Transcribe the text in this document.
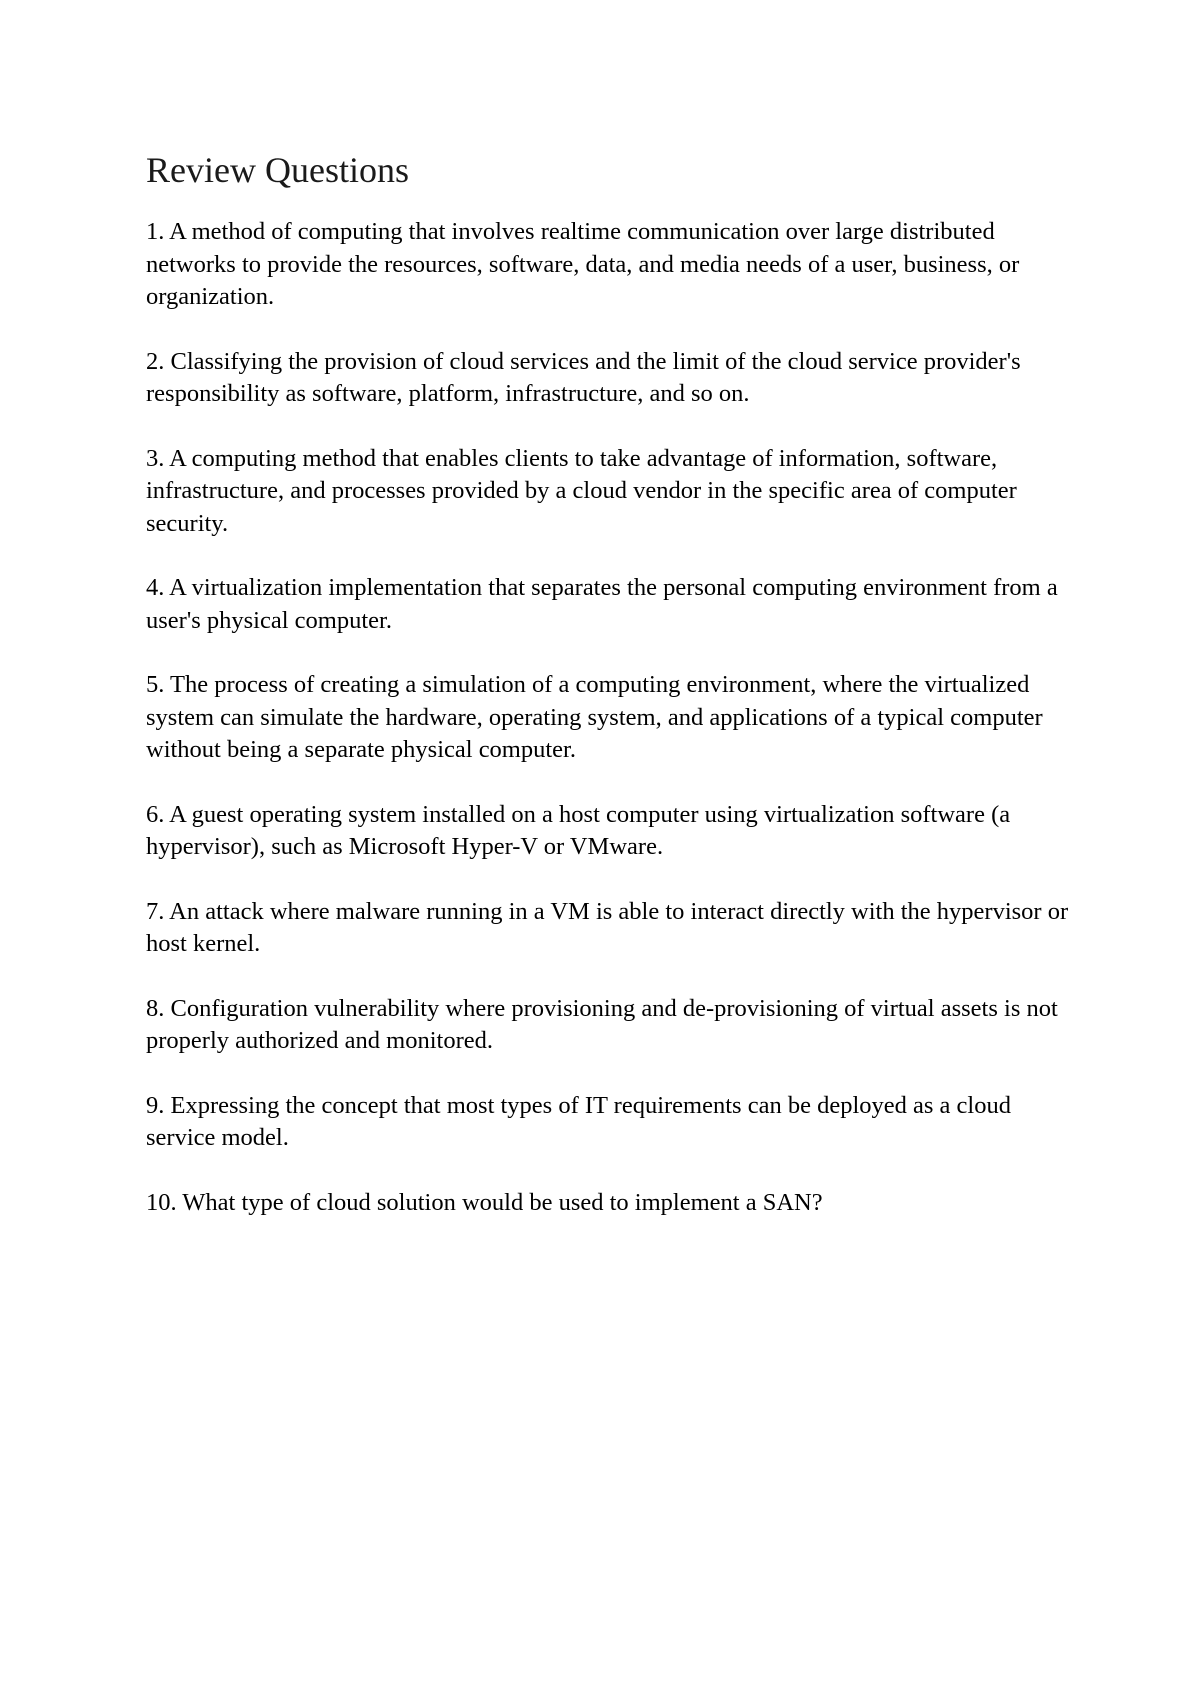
Review Questions

1. A method of computing that involves realtime communication over large distributed networks to provide the resources, software, data, and media needs of a user, business, or organization.

2. Classifying the provision of cloud services and the limit of the cloud service provider's responsibility as software, platform, infrastructure, and so on.

3. A computing method that enables clients to take advantage of information, software, infrastructure, and processes provided by a cloud vendor in the specific area of computer security.

4. A virtualization implementation that separates the personal computing environment from a user's physical computer.

5. The process of creating a simulation of a computing environment, where the virtualized system can simulate the hardware, operating system, and applications of a typical computer without being a separate physical computer.

6. A guest operating system installed on a host computer using virtualization software (a hypervisor), such as Microsoft Hyper-V or VMware.

7. An attack where malware running in a VM is able to interact directly with the hypervisor or host kernel.

8. Configuration vulnerability where provisioning and de-provisioning of virtual assets is not properly authorized and monitored.

9. Expressing the concept that most types of IT requirements can be deployed as a cloud service model.

10. What type of cloud solution would be used to implement a SAN?
